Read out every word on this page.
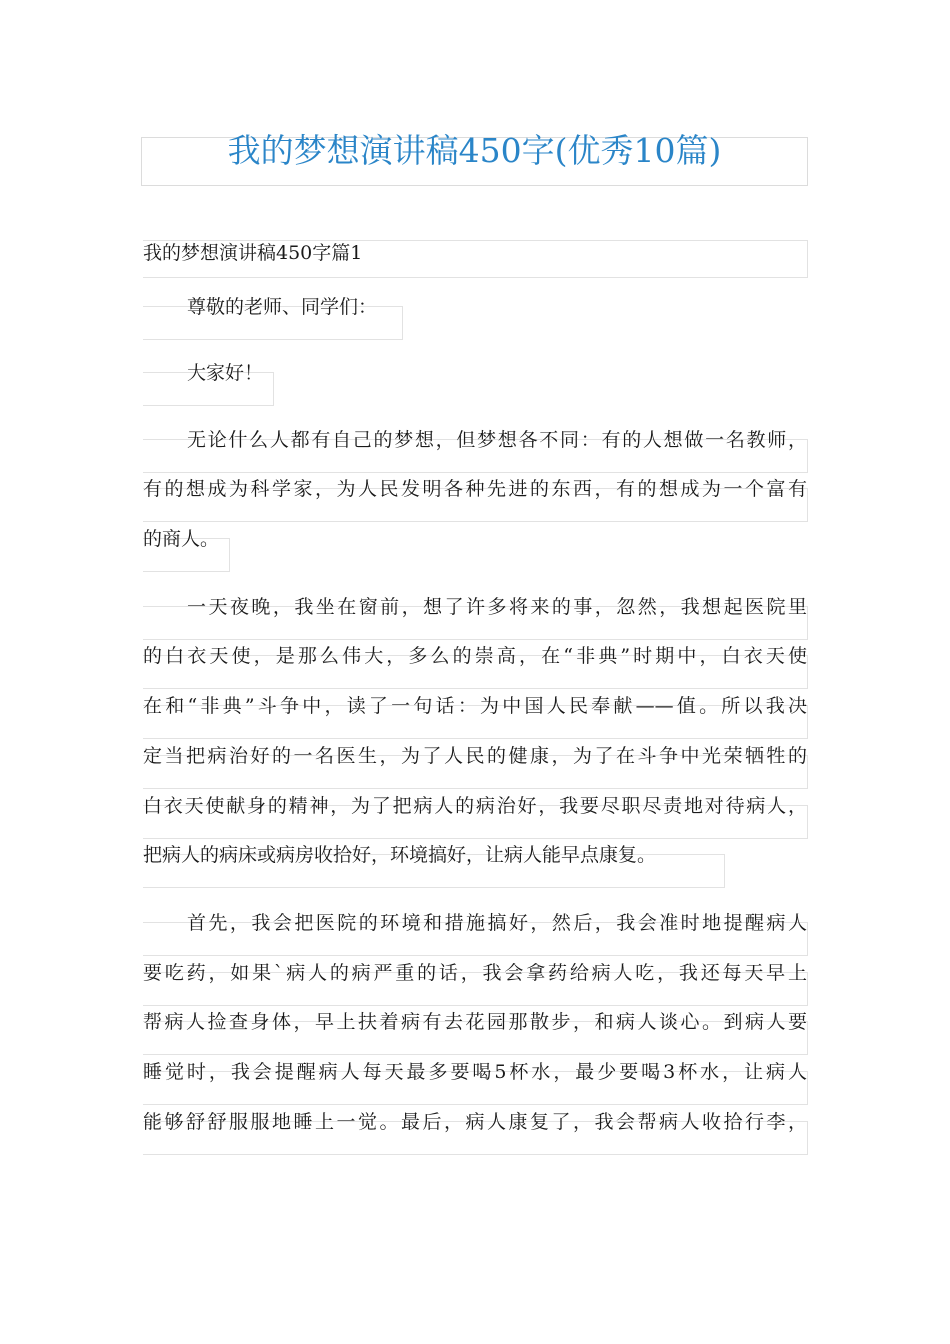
我的梦想演讲稿450字(优秀10篇)
我的梦想演讲稿450字篇1
尊敬的老师、同学们：
大家好！
无论什么人都有自己的梦想，但梦想各不同：有的人想做一名教师，
有的想成为科学家，为人民发明各种先进的东西，有的想成为一个富有
的商人。
一天夜晚，我坐在窗前，想了许多将来的事，忽然，我想起医院里
的白衣天使，是那么伟大，多么的崇高，在“非典”时期中，白衣天使
在和“非典”斗争中，读了一句话：为中国人民奉献——值。所以我决
定当把病治好的一名医生，为了人民的健康，为了在斗争中光荣牺牲的
白衣天使献身的精神，为了把病人的病治好，我要尽职尽责地对待病人，
把病人的病床或病房收拾好，环境搞好，让病人能早点康复。
首先，我会把医院的环境和措施搞好，然后，我会准时地提醒病人
要吃药，如果`病人的病严重的话，我会拿药给病人吃，我还每天早上
帮病人捡查身体，早上扶着病有去花园那散步，和病人谈心。到病人要
睡觉时，我会提醒病人每天最多要喝5杯水，最少要喝3杯水，让病人
能够舒舒服服地睡上一觉。最后，病人康复了，我会帮病人收拾行李，
